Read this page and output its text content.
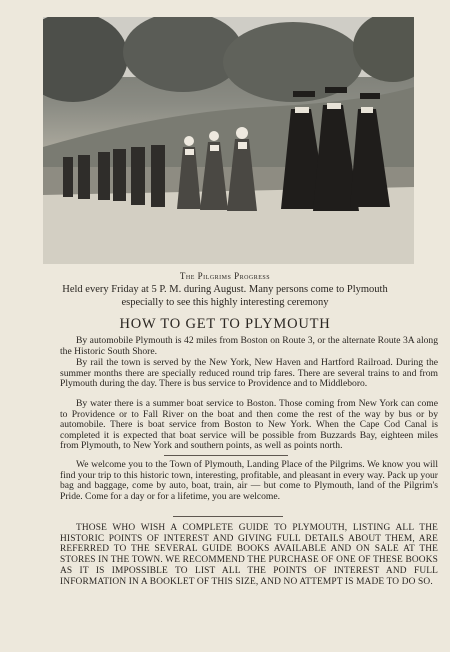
The Pilgrims Progress
Held every Friday at 5 P. M. during August. Many persons come to Plymouth especially to see this highly interesting ceremony
HOW TO GET TO PLYMOUTH
By automobile Plymouth is 42 miles from Boston on Route 3, or the alternate Route 3A along the Historic South Shore.
By rail the town is served by the New York, New Haven and Hartford Railroad. During the summer months there are specially reduced round trip fares. There are several trains to and from Plymouth during the day. There is bus service to Providence and to Middleboro.
By water there is a summer boat service to Boston. Those coming from New York can come to Providence or to Fall River on the boat and then come the rest of the way by bus or by automobile. There is boat service from Boston to New York. When the Cape Cod Canal is completed it is expected that boat service will be possible from Buzzards Bay, eighteen miles from Plymouth, to New York and southern points, as well as points north.
We welcome you to the Town of Plymouth, Landing Place of the Pilgrims. We know you will find your trip to this historic town, interesting, profitable, and pleasant in every way. Pack up your bag and baggage, come by auto, boat, train, air — but come to Plymouth, land of the Pilgrim's Pride. Come for a day or for a lifetime, you are welcome.
THOSE WHO WISH A COMPLETE GUIDE TO PLYMOUTH, LISTING ALL THE HISTORIC POINTS OF INTEREST AND GIVING FULL DETAILS ABOUT THEM, ARE REFERRED TO THE SEVERAL GUIDE BOOKS AVAILABLE AND ON SALE AT THE STORES IN THE TOWN. WE RECOMMEND THE PURCHASE OF ONE OF THESE BOOKS AS IT IS IMPOSSIBLE TO LIST ALL THE POINTS OF INTEREST AND FULL INFORMATION IN A BOOKLET OF THIS SIZE, AND NO ATTEMPT IS MADE TO DO SO.
